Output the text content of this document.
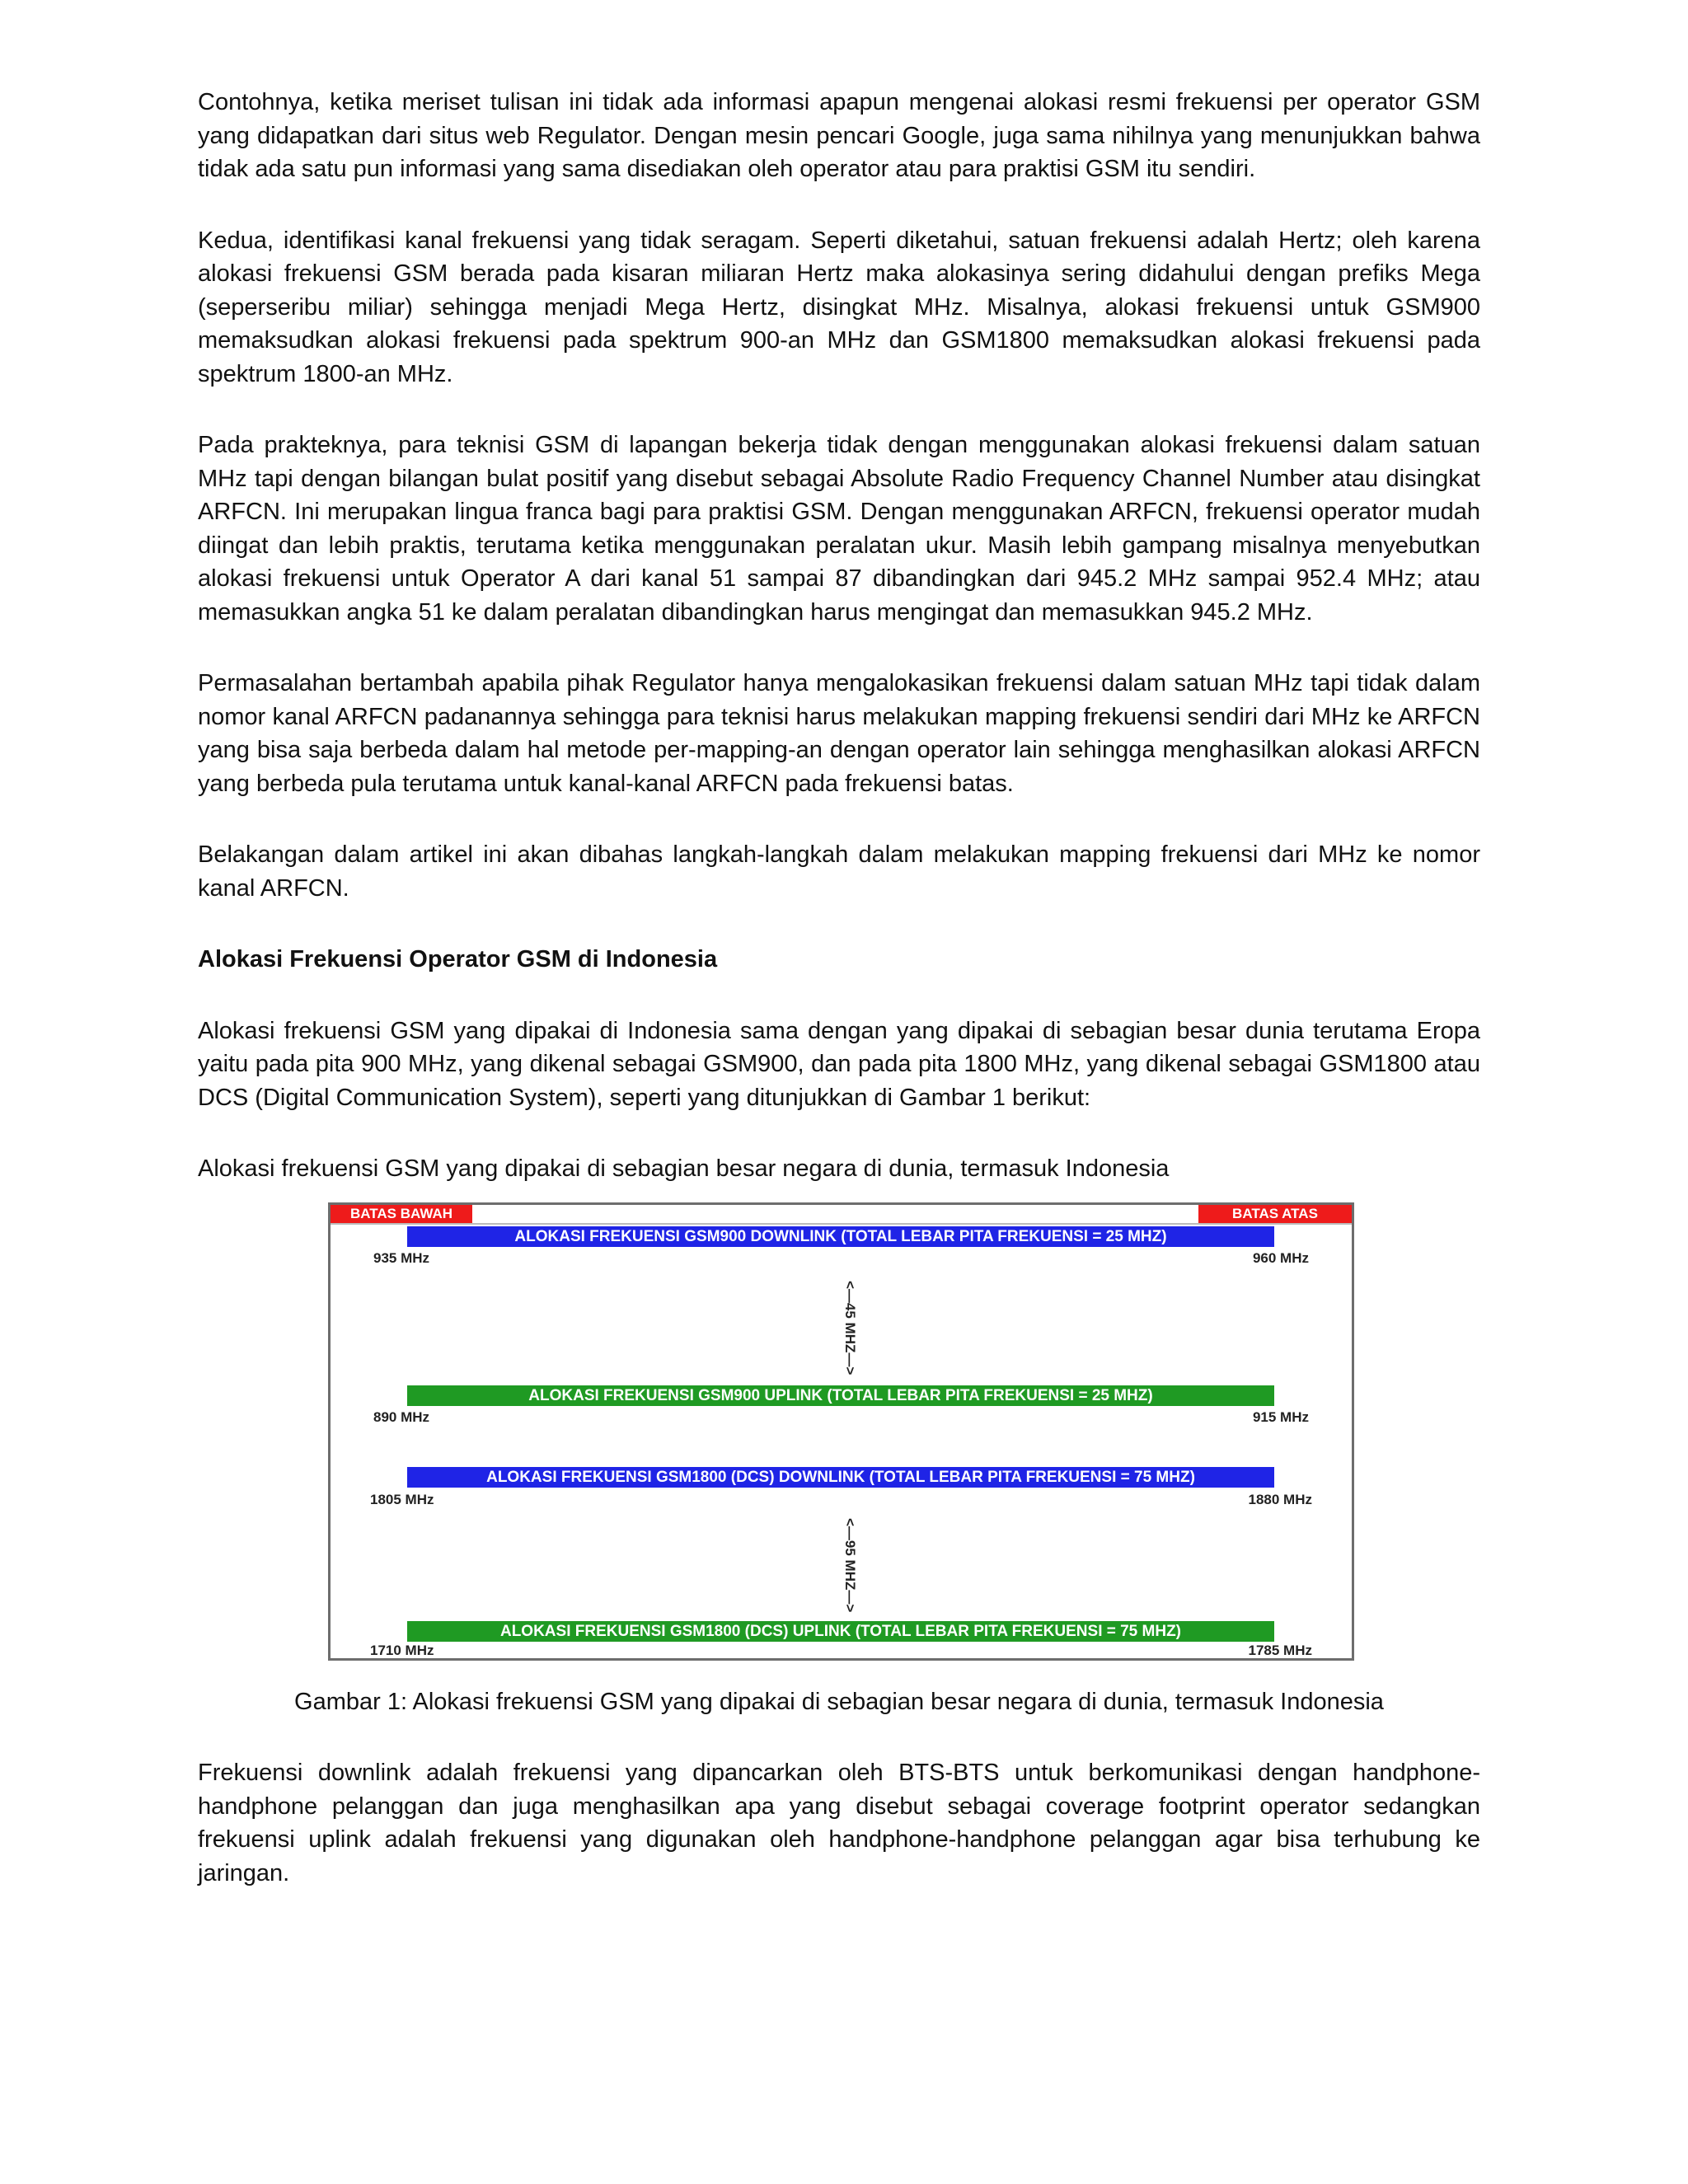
Contohnya, ketika meriset tulisan ini tidak ada informasi apapun mengenai alokasi resmi frekuensi per operator GSM yang didapatkan dari situs web Regulator. Dengan mesin pencari Google, juga sama nihilnya yang menunjukkan bahwa tidak ada satu pun informasi yang sama disediakan oleh operator atau para praktisi GSM itu sendiri.

Kedua, identifikasi kanal frekuensi yang tidak seragam. Seperti diketahui, satuan frekuensi adalah Hertz; oleh karena alokasi frekuensi GSM berada pada kisaran miliaran Hertz maka alokasinya sering didahului dengan prefiks Mega (seperseribu miliar) sehingga menjadi Mega Hertz, disingkat MHz. Misalnya, alokasi frekuensi untuk GSM900 memaksudkan alokasi frekuensi pada spektrum 900-an MHz dan GSM1800 memaksudkan alokasi frekuensi pada spektrum 1800-an MHz.

Pada prakteknya, para teknisi GSM di lapangan bekerja tidak dengan menggunakan alokasi frekuensi dalam satuan MHz tapi dengan bilangan bulat positif yang disebut sebagai Absolute Radio Frequency Channel Number atau disingkat ARFCN. Ini merupakan lingua franca bagi para praktisi GSM. Dengan menggunakan ARFCN, frekuensi operator mudah diingat dan lebih praktis, terutama ketika menggunakan peralatan ukur. Masih lebih gampang misalnya menyebutkan alokasi frekuensi untuk Operator A dari kanal 51 sampai 87 dibandingkan dari 945.2 MHz sampai 952.4 MHz; atau memasukkan angka 51 ke dalam peralatan dibandingkan harus mengingat dan memasukkan 945.2 MHz.

Permasalahan bertambah apabila pihak Regulator hanya mengalokasikan frekuensi dalam satuan MHz tapi tidak dalam nomor kanal ARFCN padanannya sehingga para teknisi harus melakukan mapping frekuensi sendiri dari MHz ke ARFCN yang bisa saja berbeda dalam hal metode per-mapping-an dengan operator lain sehingga menghasilkan alokasi ARFCN yang berbeda pula terutama untuk kanal-kanal ARFCN pada frekuensi batas.

Belakangan dalam artikel ini akan dibahas langkah-langkah dalam melakukan mapping frekuensi dari MHz ke nomor kanal ARFCN.

Alokasi Frekuensi Operator GSM di Indonesia

Alokasi frekuensi GSM yang dipakai di Indonesia sama dengan yang dipakai di sebagian besar dunia terutama Eropa yaitu pada pita 900 MHz, yang dikenal sebagai GSM900, dan pada pita 1800 MHz, yang dikenal sebagai GSM1800 atau DCS (Digital Communication System), seperti yang ditunjukkan di Gambar 1 berikut:

Alokasi frekuensi GSM yang dipakai di sebagian besar negara di dunia, termasuk Indonesia

BATAS BAWAH	BATAS ATAS
ALOKASI FREKUENSI GSM900 DOWNLINK (TOTAL LEBAR PITA FREKUENSI = 25 MHZ)
935 MHz	960 MHz
<—45 MHZ—>
ALOKASI FREKUENSI GSM900 UPLINK (TOTAL LEBAR PITA FREKUENSI = 25 MHZ)
890 MHz	915 MHz
ALOKASI FREKUENSI GSM1800 (DCS) DOWNLINK (TOTAL LEBAR PITA FREKUENSI = 75 MHZ)
1805 MHz	1880 MHz
<—95 MHZ—>
ALOKASI FREKUENSI GSM1800 (DCS) UPLINK (TOTAL LEBAR PITA FREKUENSI = 75 MHZ)
1710 MHz	1785 MHz

Gambar 1: Alokasi frekuensi GSM yang dipakai di sebagian besar negara di dunia, termasuk Indonesia

Frekuensi downlink adalah frekuensi yang dipancarkan oleh BTS-BTS untuk berkomunikasi dengan handphone-handphone pelanggan dan juga menghasilkan apa yang disebut sebagai coverage footprint operator sedangkan frekuensi uplink adalah frekuensi yang digunakan oleh handphone-handphone pelanggan agar bisa terhubung ke jaringan.
